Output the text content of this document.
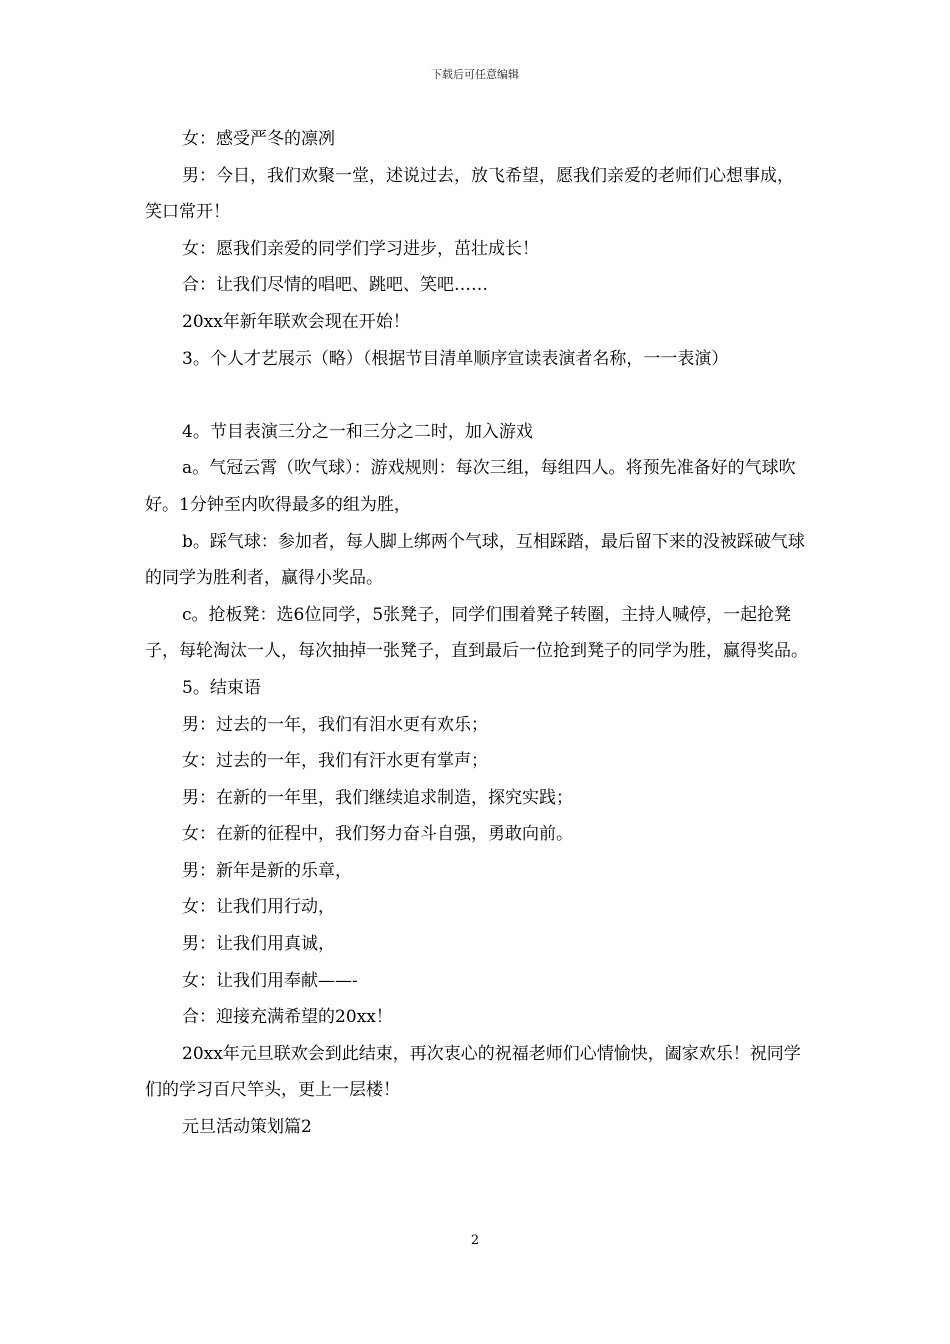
下载后可任意编辑

女：感受严冬的凛冽

男：今日，我们欢聚一堂，述说过去，放飞希望，愿我们亲爱的老师们心想事成，笑口常开！

女：愿我们亲爱的同学们学习进步，茁壮成长！

合：让我们尽情的唱吧、跳吧、笑吧……

20xx年新年联欢会现在开始！

3。个人才艺展示（略）（根据节目清单顺序宣读表演者名称，一一表演）

4。节目表演三分之一和三分之二时，加入游戏

a。气冠云霄（吹气球）：游戏规则：每次三组，每组四人。将预先准备好的气球吹好。1分钟至内吹得最多的组为胜，

b。踩气球：参加者，每人脚上绑两个气球，互相踩踏，最后留下来的没被踩破气球的同学为胜利者，赢得小奖品。

c。抢板凳：选6位同学，5张凳子，同学们围着凳子转圈，主持人喊停，一起抢凳子，每轮淘汰一人，每次抽掉一张凳子，直到最后一位抢到凳子的同学为胜，赢得奖品。

5。结束语

男：过去的一年，我们有泪水更有欢乐；

女：过去的一年，我们有汗水更有掌声；

男：在新的一年里，我们继续追求制造，探究实践；

女：在新的征程中，我们努力奋斗自强，勇敢向前。

男：新年是新的乐章，

女：让我们用行动，

男：让我们用真诚，

女：让我们用奉献——-

合：迎接充满希望的20xx！

20xx年元旦联欢会到此结束，再次衷心的祝福老师们心情愉快，阖家欢乐！祝同学们的学习百尺竿头，更上一层楼！

元旦活动策划篇2

2
